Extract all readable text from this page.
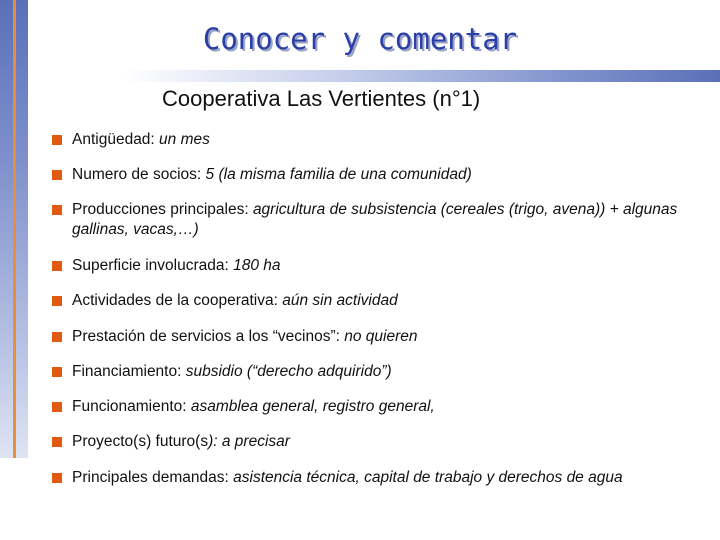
Conocer y comentar
Cooperativa Las Vertientes (n°1)
Antigüedad: un mes
Numero de socios: 5 (la misma familia de una comunidad)
Producciones principales: agricultura de subsistencia (cereales (trigo, avena)) + algunas gallinas, vacas,…)
Superficie involucrada: 180 ha
Actividades de la cooperativa: aún sin actividad
Prestación de servicios a los “vecinos”: no quieren
Financiamiento: subsidio (“derecho adquirido”)
Funcionamiento: asamblea general, registro general,
Proyecto(s) futuro(s): a precisar
Principales demandas: asistencia técnica, capital de trabajo y derechos de agua
